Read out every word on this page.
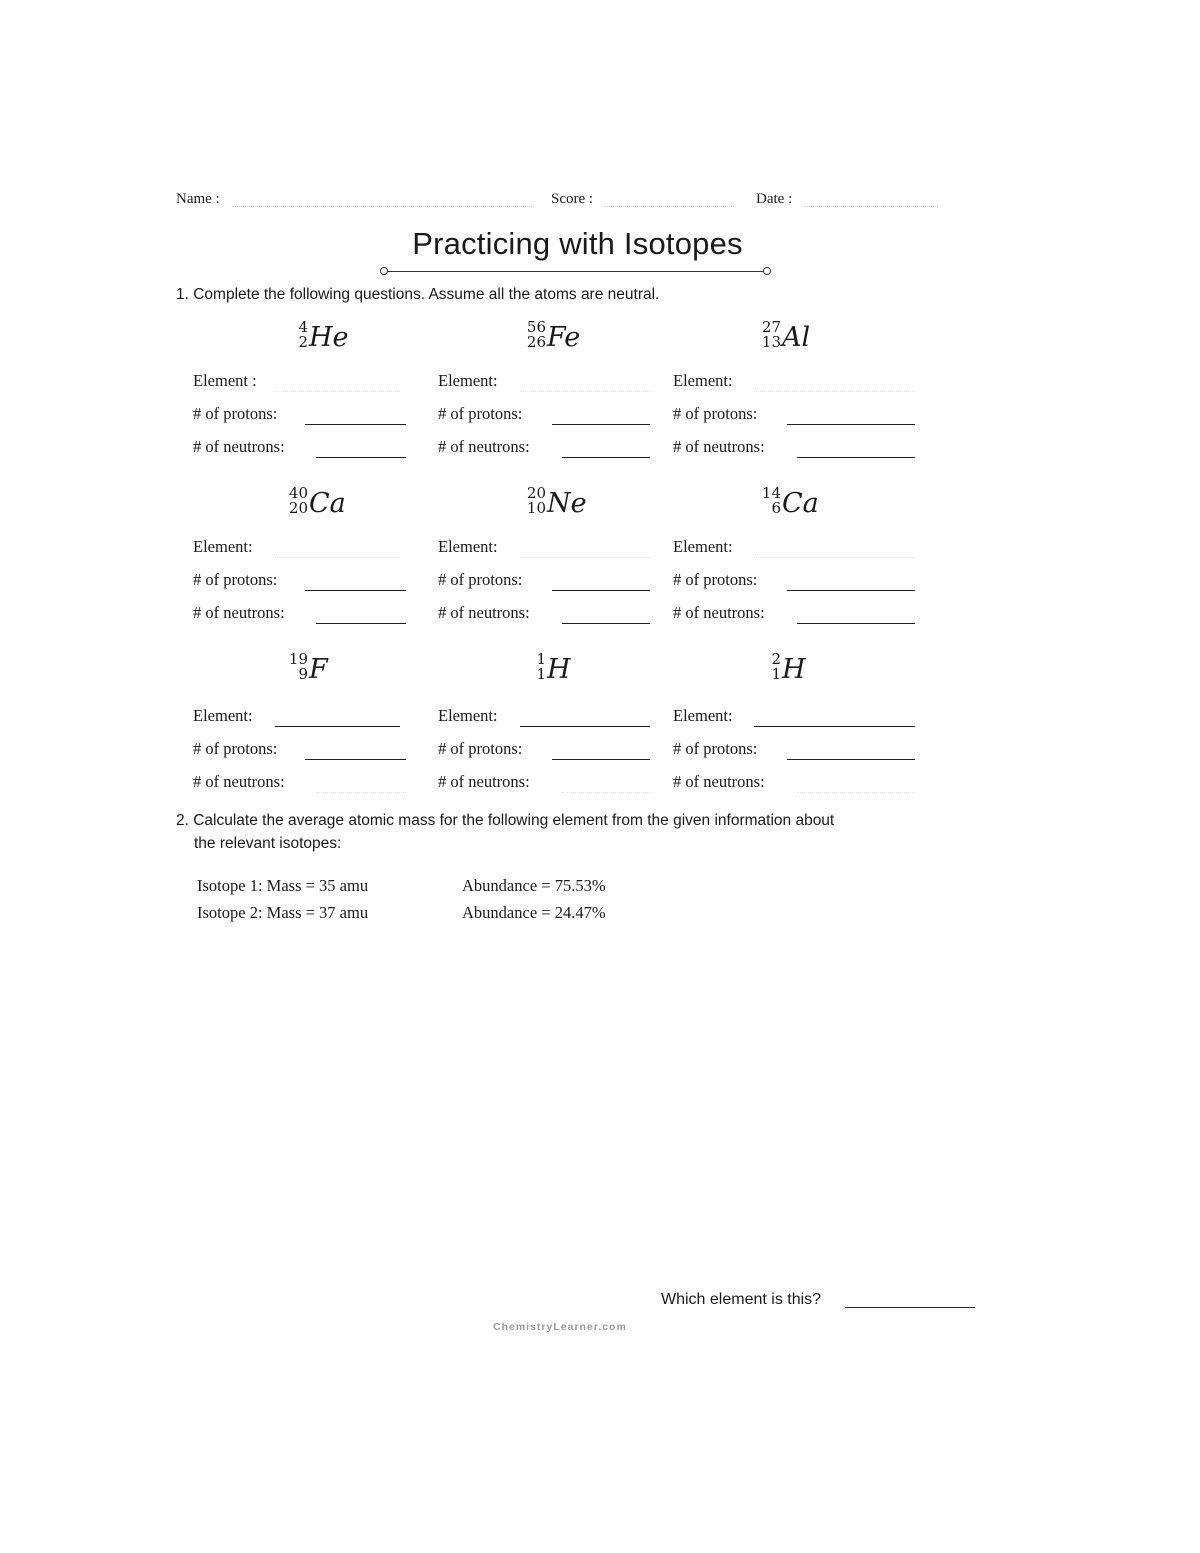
Name :	Score :	Date :
Practicing with Isotopes
1. Complete the following questions. Assume all the atoms are neutral.
4
2 He
Element :
# of protons:
# of neutrons:
56
26 Fe
Element:
# of protons:
# of neutrons:
27
13 Al
Element:
# of protons:
# of neutrons:
40
20 Ca
Element:
# of protons:
# of neutrons:
20
10 Ne
Element:
# of protons:
# of neutrons:
14
6 Ca
Element:
# of protons:
# of neutrons:
19
9 F
Element:
# of protons:
# of neutrons:
1
1 H
Element:
# of protons:
# of neutrons:
2
1 H
Element:
# of protons:
# of neutrons:
2. Calculate the average atomic mass for the following element from the given information about
the relevant isotopes:
Isotope 1: Mass = 35 amu	Abundance = 75.53%
Isotope 2: Mass = 37 amu	Abundance = 24.47%
Which element is this?
ChemistryLearner.com
